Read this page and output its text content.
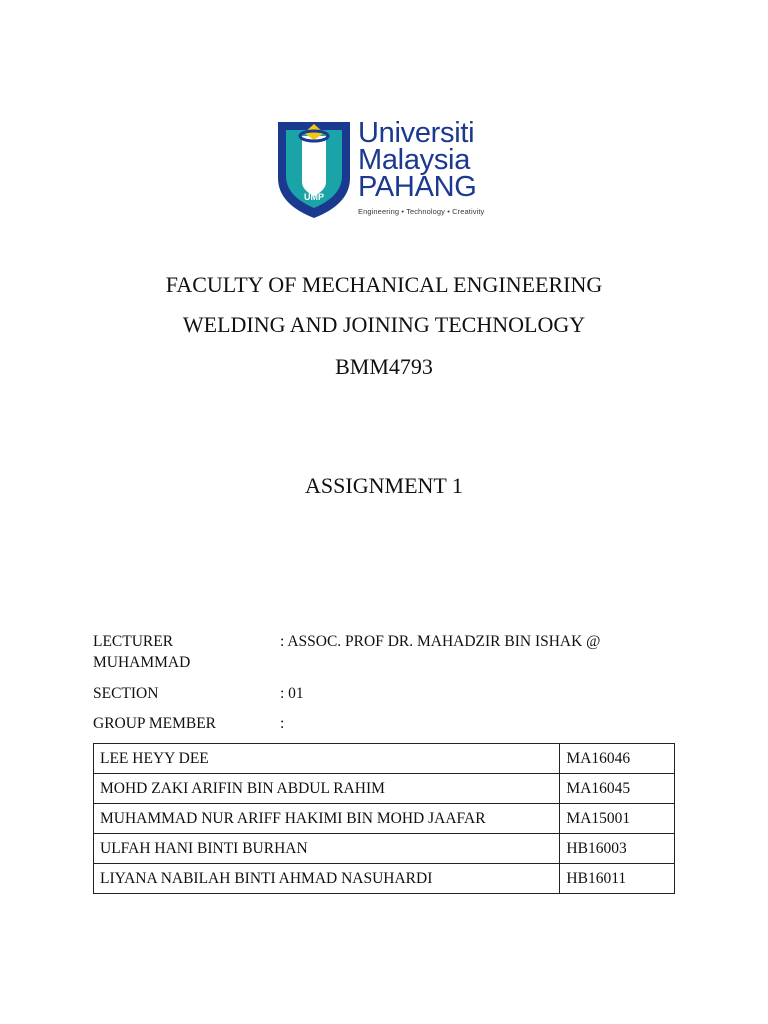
UMP
Universiti
Malaysia
PAHANG
Engineering • Technology • Creativity
FACULTY OF MECHANICAL ENGINEERING
WELDING AND JOINING TECHNOLOGY
BMM4793
ASSIGNMENT 1
LECTURER	: ASSOC. PROF DR. MAHADZIR BIN ISHAK @
MUHAMMAD
SECTION	: 01
GROUP MEMBER	:
LEE HEYY DEE	MA16046
MOHD ZAKI ARIFIN BIN ABDUL RAHIM	MA16045
MUHAMMAD NUR ARIFF HAKIMI BIN MOHD JAAFAR	MA15001
ULFAH HANI BINTI BURHAN	HB16003
LIYANA NABILAH BINTI AHMAD NASUHARDI	HB16011
